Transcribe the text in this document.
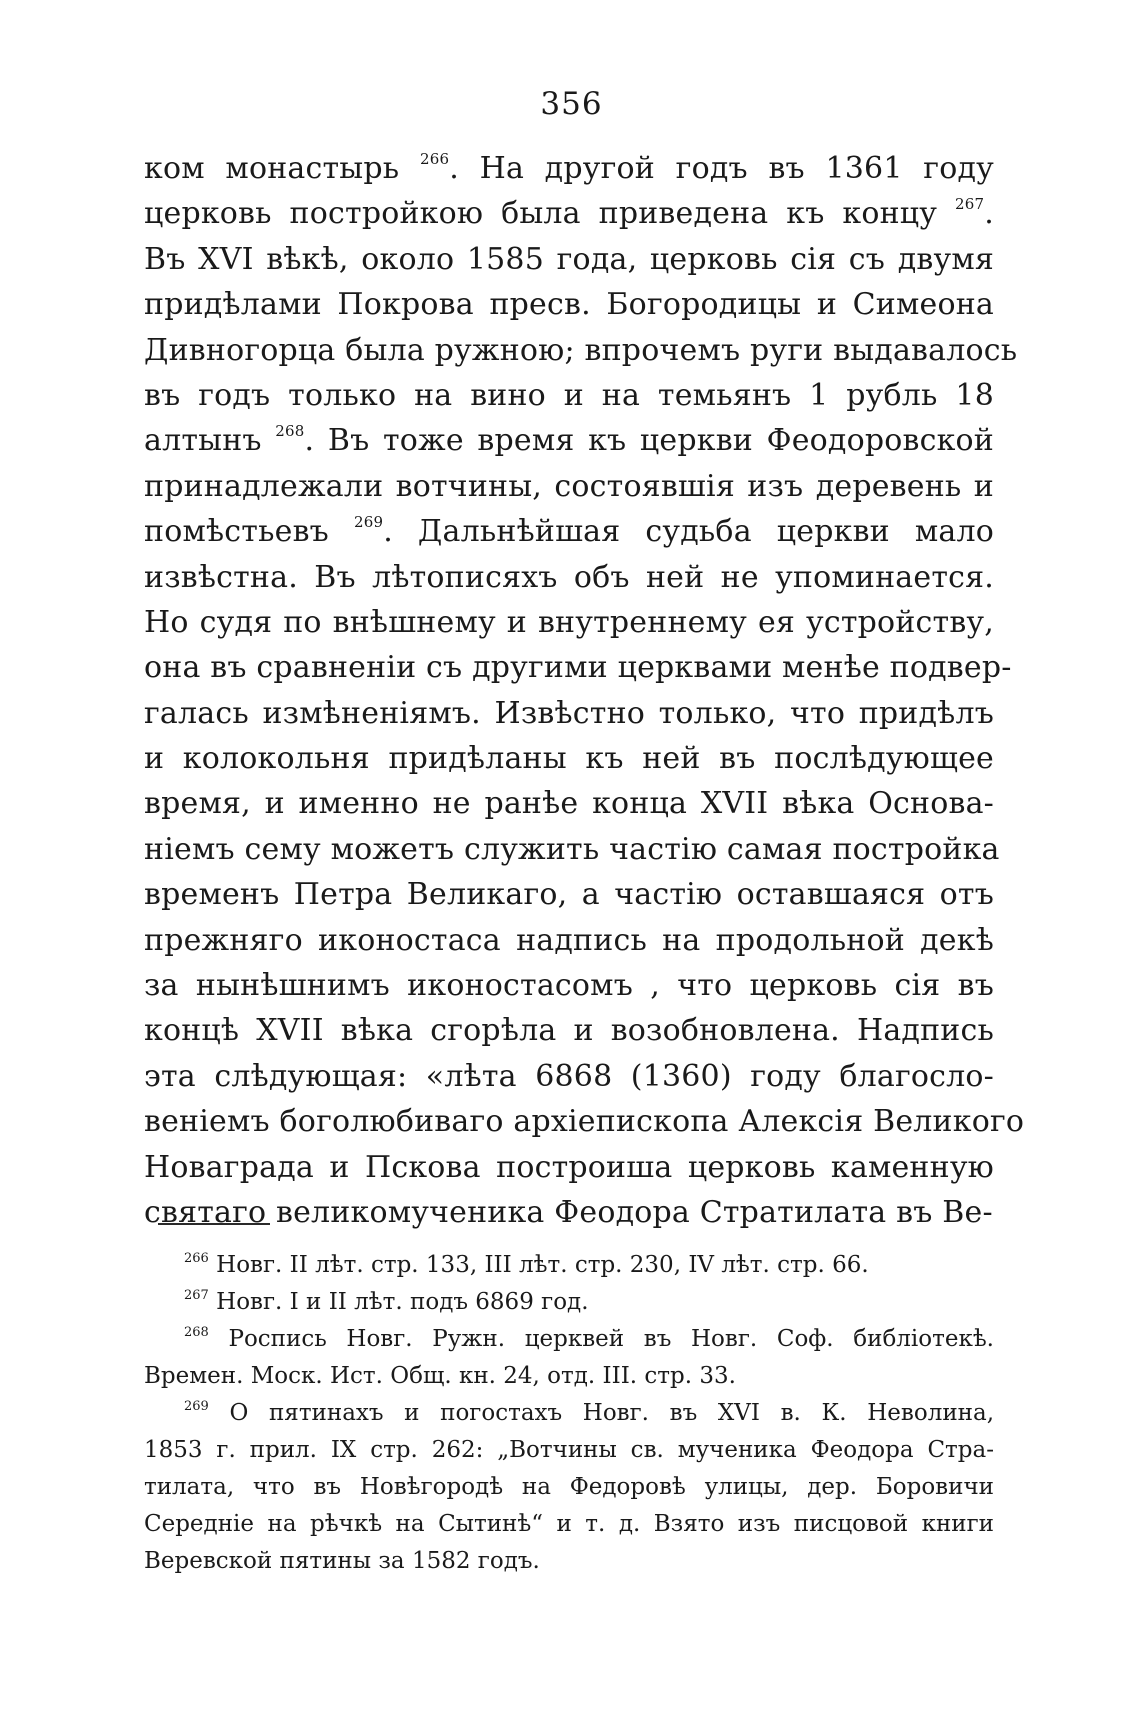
356
ком монастырь $^{266}$. На другой годъ въ 1361 году
церковь постройкою была приведена къ концу $^{267}$.
Въ XVI вѣкѣ, около 1585 года, церковь сія съ двумя
придѣлами Покрова пресв. Богородицы и Симеона
Дивногорца была ружною; впрочемъ руги выдавалось
въ годъ только на вино и на темьянъ 1 рубль 18
алтынъ $^{268}$. Въ тоже время къ церкви Феодоровской
принадлежали вотчины, состоявшія изъ деревень и
помѣстьевъ $^{269}$. Дальнѣйшая судьба церкви мало
извѣстна. Въ лѣтописяхъ объ ней не упоминается.
Но судя по внѣшнему и внутреннему ея устройству,
она въ сравненіи съ другими церквами менѣе подвер-
галась измѣненіямъ. Извѣстно только, что придѣлъ
и колокольня придѣланы къ ней въ послѣдующее
время, и именно не ранѣе конца XVII вѣка Основа-
ніемъ сему можетъ служить частію самая постройка
временъ Петра Великаго, а частію оставшаяся отъ
прежняго иконостаса надпись на продольной декѣ
за нынѣшнимъ иконостасомъ , что церковь сія въ
концѣ XVII вѣка сгорѣла и возобновлена. Надпись
эта слѣдующая: «лѣта 6868 (1360) году благосло-
веніемъ боголюбиваго архіепископа Алексія Великого
Новаграда и Пскова построиша церковь каменную
святаго великомученика Феодора Стратилата въ Ве-
$^{266}$ Новг. II лѣт. стр. 133, III лѣт. стр. 230, IV лѣт. стр. 66.
$^{267}$ Новг. I и II лѣт. подъ 6869 год.
$^{268}$ Роспись Новг. Ружн. церквей въ Новг. Соф. библіотекѣ.
Времен. Моск. Ист. Общ. кн. 24, отд. III. стр. 33.
$^{269}$ О пятинахъ и погостахъ Новг. въ XVI в. К. Неволина,
1853 г. прил. IX стр. 262: „Вотчины св. мученика Феодора Стра-
тилата, что въ Новѣгородѣ на Федоровѣ улицы, дер. Боровичи
Середніе на рѣчкѣ на Сытинѣ“ и т. д. Взято изъ писцовой книги
Веревской пятины за 1582 годъ.
